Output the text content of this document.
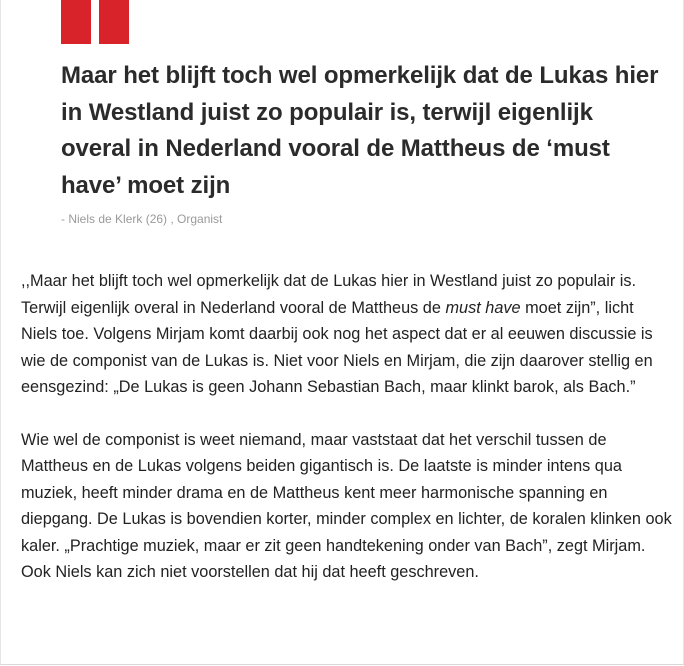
Maar het blijft toch wel opmerkelijk dat de Lukas hier in Westland juist zo populair is, terwijl eigenlijk overal in Nederland vooral de Mattheus de ‘must have’ moet zijn
- Niels de Klerk (26) , Organist

,,Maar het blijft toch wel opmerkelijk dat de Lukas hier in Westland juist zo populair is. Terwijl eigenlijk overal in Nederland vooral de Mattheus de must have moet zijn”, licht Niels toe. Volgens Mirjam komt daarbij ook nog het aspect dat er al eeuwen discussie is wie de componist van de Lukas is. Niet voor Niels en Mirjam, die zijn daarover stellig en eensgezind: „De Lukas is geen Johann Sebastian Bach, maar klinkt barok, als Bach.”

Wie wel de componist is weet niemand, maar vaststaat dat het verschil tussen de Mattheus en de Lukas volgens beiden gigantisch is. De laatste is minder intens qua muziek, heeft minder drama en de Mattheus kent meer harmonische spanning en diepgang. De Lukas is bovendien korter, minder complex en lichter, de koralen klinken ook kaler. „Prachtige muziek, maar er zit geen handtekening onder van Bach”, zegt Mirjam. Ook Niels kan zich niet voorstellen dat hij dat heeft geschreven.
